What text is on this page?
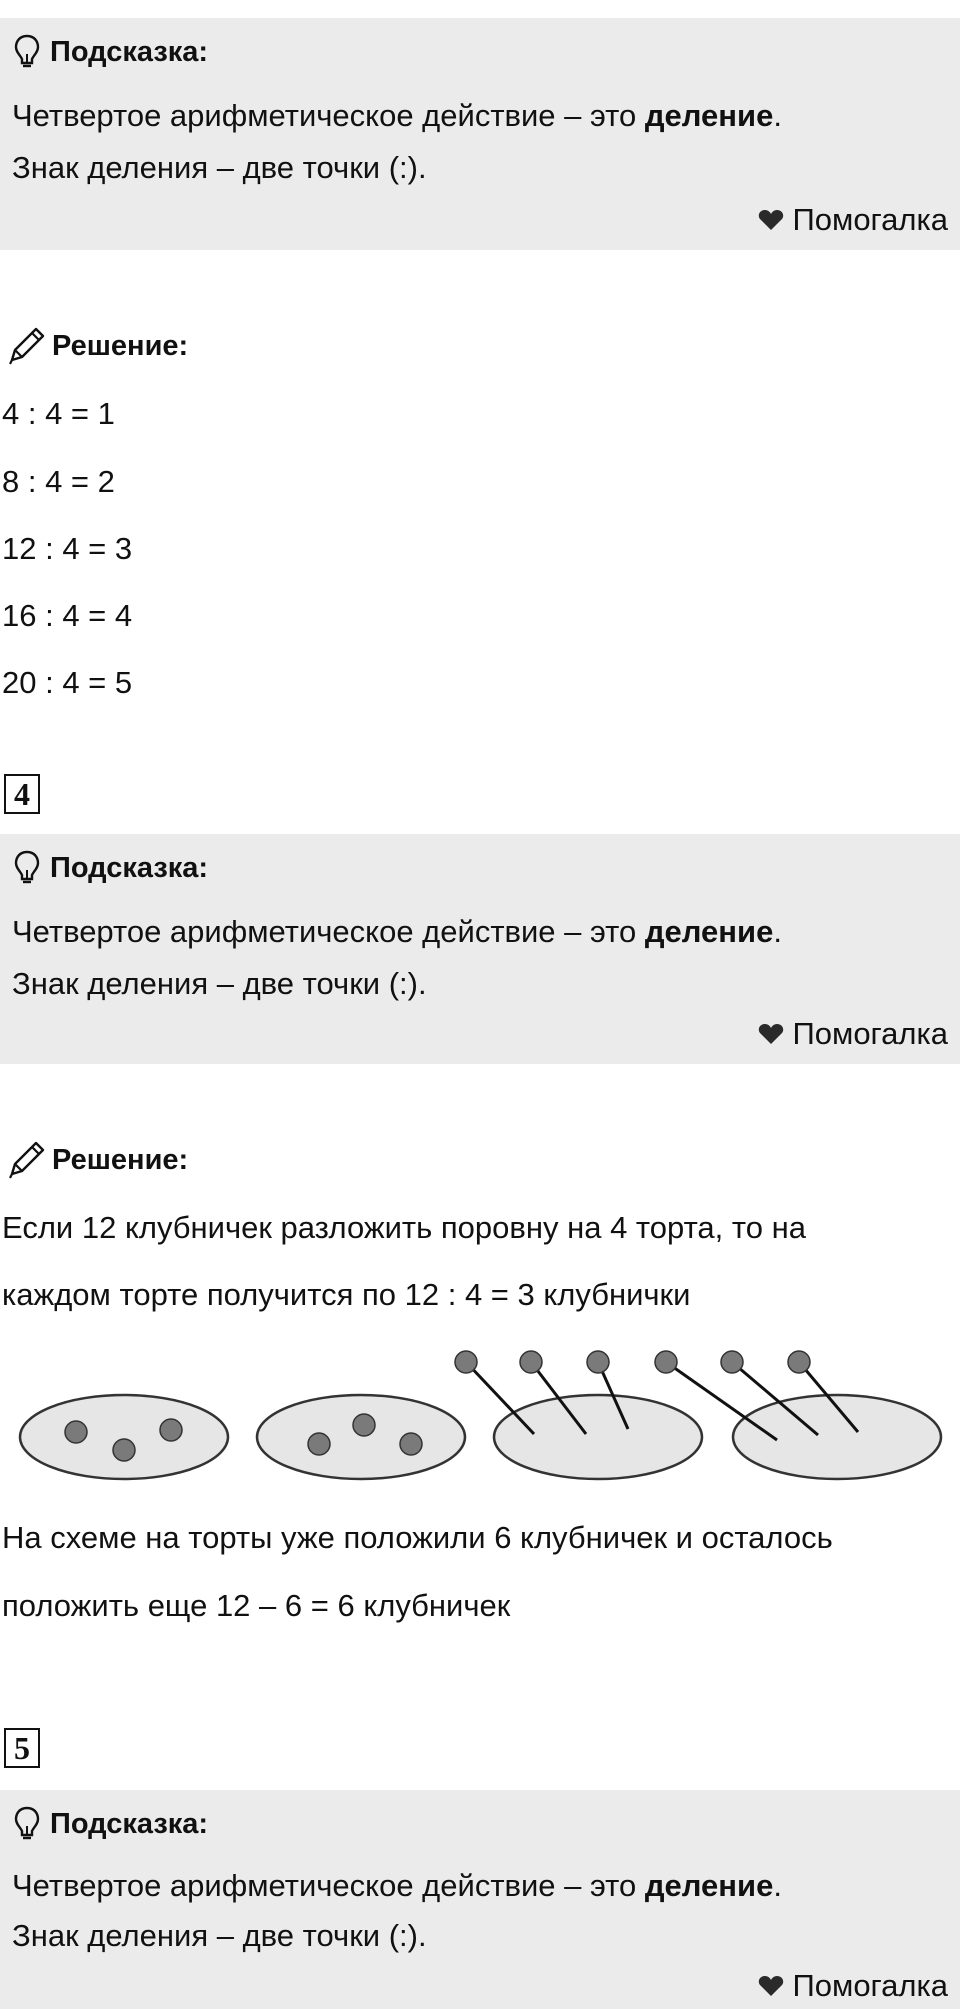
Подсказка:
Четвертое арифметическое действие – это деление.
Знак деления – две точки (:).
Помогалка
Решение:
4 : 4 = 1
8 : 4 = 2
12 : 4 = 3
16 : 4 = 4
20 : 4 = 5
4
Подсказка:
Четвертое арифметическое действие – это деление.
Знак деления – две точки (:).
Помогалка
Решение:
Если 12 клубничек разложить поровну на 4 торта, то на
каждом торте получится по 12 : 4 = 3 клубнички
На схеме на торты уже положили 6 клубничек и осталось
положить еще 12 – 6 = 6 клубничек
5
Подсказка:
Четвертое арифметическое действие – это деление.
Знак деления – две точки (:).
Помогалка
